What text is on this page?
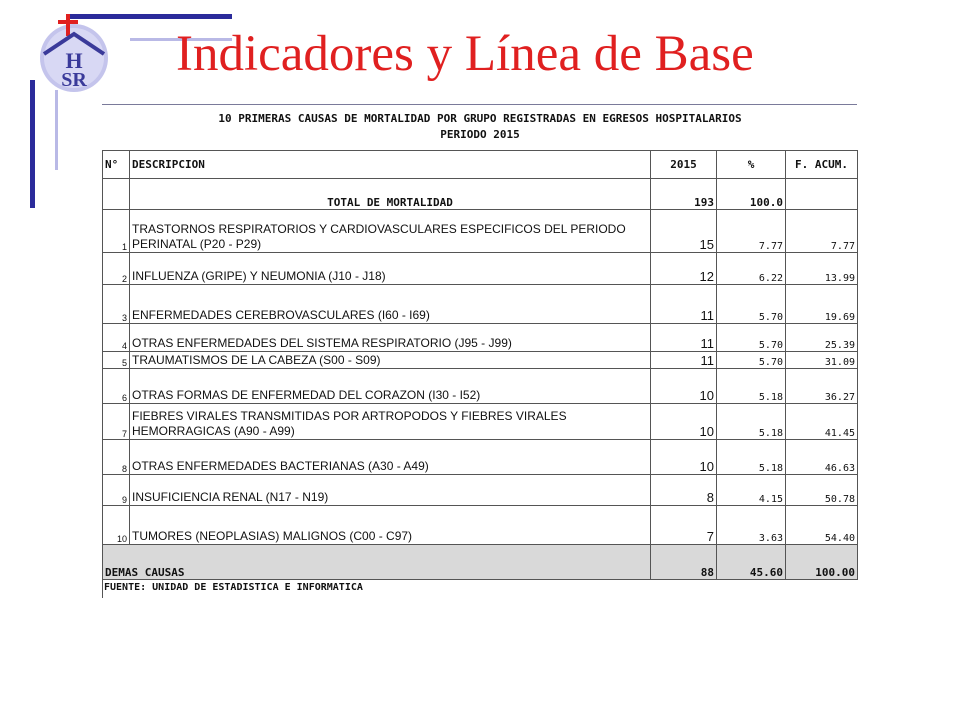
H
SR Indicadores y Línea de Base
10 PRIMERAS CAUSAS DE MORTALIDAD POR GRUPO REGISTRADAS EN EGRESOS HOSPITALARIOS
PERIODO 2015				

N°	DESCRIPCION	2015	%	F. ACUM.
	TOTAL DE MORTALIDAD	193	100.0	
1	TRASTORNOS RESPIRATORIOS Y CARDIOVASCULARES ESPECIFICOS DEL PERIODO PERINATAL (P20 - P29)	15	7.77	7.77
2	INFLUENZA (GRIPE) Y NEUMONIA (J10 - J18)	12	6.22	13.99
3	ENFERMEDADES CEREBROVASCULARES (I60 - I69)	11	5.70	19.69
4	OTRAS ENFERMEDADES DEL SISTEMA RESPIRATORIO (J95 - J99)	11	5.70	25.39
5	TRAUMATISMOS DE LA CABEZA (S00 - S09)	11	5.70	31.09
6	OTRAS FORMAS DE ENFERMEDAD DEL CORAZON (I30 - I52)	10	5.18	36.27
7	FIEBRES VIRALES TRANSMITIDAS POR ARTROPODOS Y FIEBRES VIRALES HEMORRAGICAS (A90 - A99)	10	5.18	41.45
8	OTRAS ENFERMEDADES BACTERIANAS (A30 - A49)	10	5.18	46.63
9	INSUFICIENCIA RENAL (N17 - N19)	8	4.15	50.78
10	TUMORES (NEOPLASIAS) MALIGNOS (C00 - C97)	7	3.63	54.40
DEMAS CAUSAS		88	45.60	100.00
FUENTE: UNIDAD DE ESTADISTICA E INFORMATICA
